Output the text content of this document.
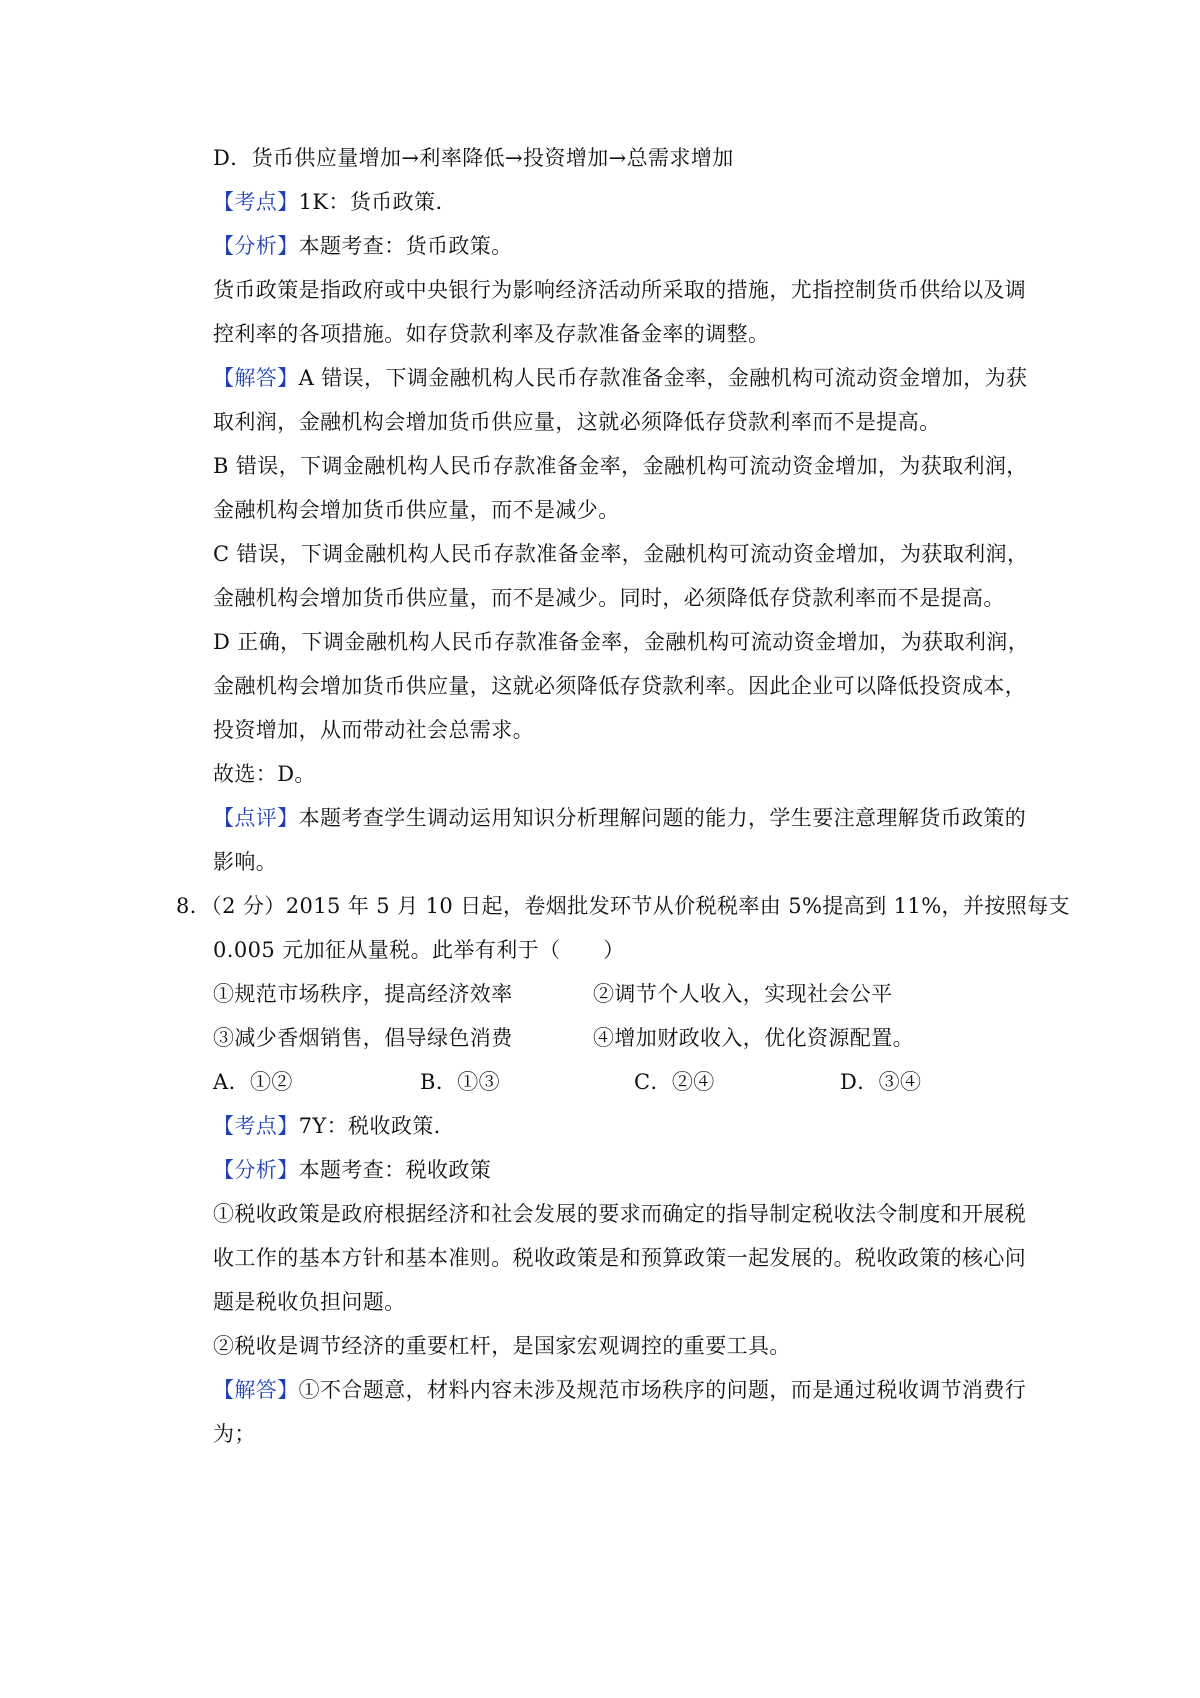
D．货币供应量增加→利率降低→投资增加→总需求增加
【考点】1K：货币政策.
【分析】本题考查：货币政策。
货币政策是指政府或中央银行为影响经济活动所采取的措施，尤指控制货币供给以及调
控利率的各项措施。如存贷款利率及存款准备金率的调整。
【解答】A 错误，下调金融机构人民币存款准备金率，金融机构可流动资金增加，为获
取利润，金融机构会增加货币供应量，这就必须降低存贷款利率而不是提高。
B 错误，下调金融机构人民币存款准备金率，金融机构可流动资金增加，为获取利润，
金融机构会增加货币供应量，而不是减少。
C 错误，下调金融机构人民币存款准备金率，金融机构可流动资金增加，为获取利润，
金融机构会增加货币供应量，而不是减少。同时，必须降低存贷款利率而不是提高。
D 正确，下调金融机构人民币存款准备金率，金融机构可流动资金增加，为获取利润，
金融机构会增加货币供应量，这就必须降低存贷款利率。因此企业可以降低投资成本，
投资增加，从而带动社会总需求。
故选：D。
【点评】本题考查学生调动运用知识分析理解问题的能力，学生要注意理解货币政策的
影响。
8．（2 分）2015 年 5 月 10 日起，卷烟批发环节从价税税率由 5%提高到 11%，并按照每支
0.005 元加征从量税。此举有利于（　　）
①规范市场秩序，提高经济效率	②调节个人收入，实现社会公平
③减少香烟销售，倡导绿色消费	④增加财政收入，优化资源配置。
A．①②	B．①③	C．②④	D．③④
【考点】7Y：税收政策.
【分析】本题考查：税收政策
①税收政策是政府根据经济和社会发展的要求而确定的指导制定税收法令制度和开展税
收工作的基本方针和基本准则。税收政策是和预算政策一起发展的。税收政策的核心问
题是税收负担问题。
②税收是调节经济的重要杠杆，是国家宏观调控的重要工具。
【解答】①不合题意，材料内容未涉及规范市场秩序的问题，而是通过税收调节消费行
为；
